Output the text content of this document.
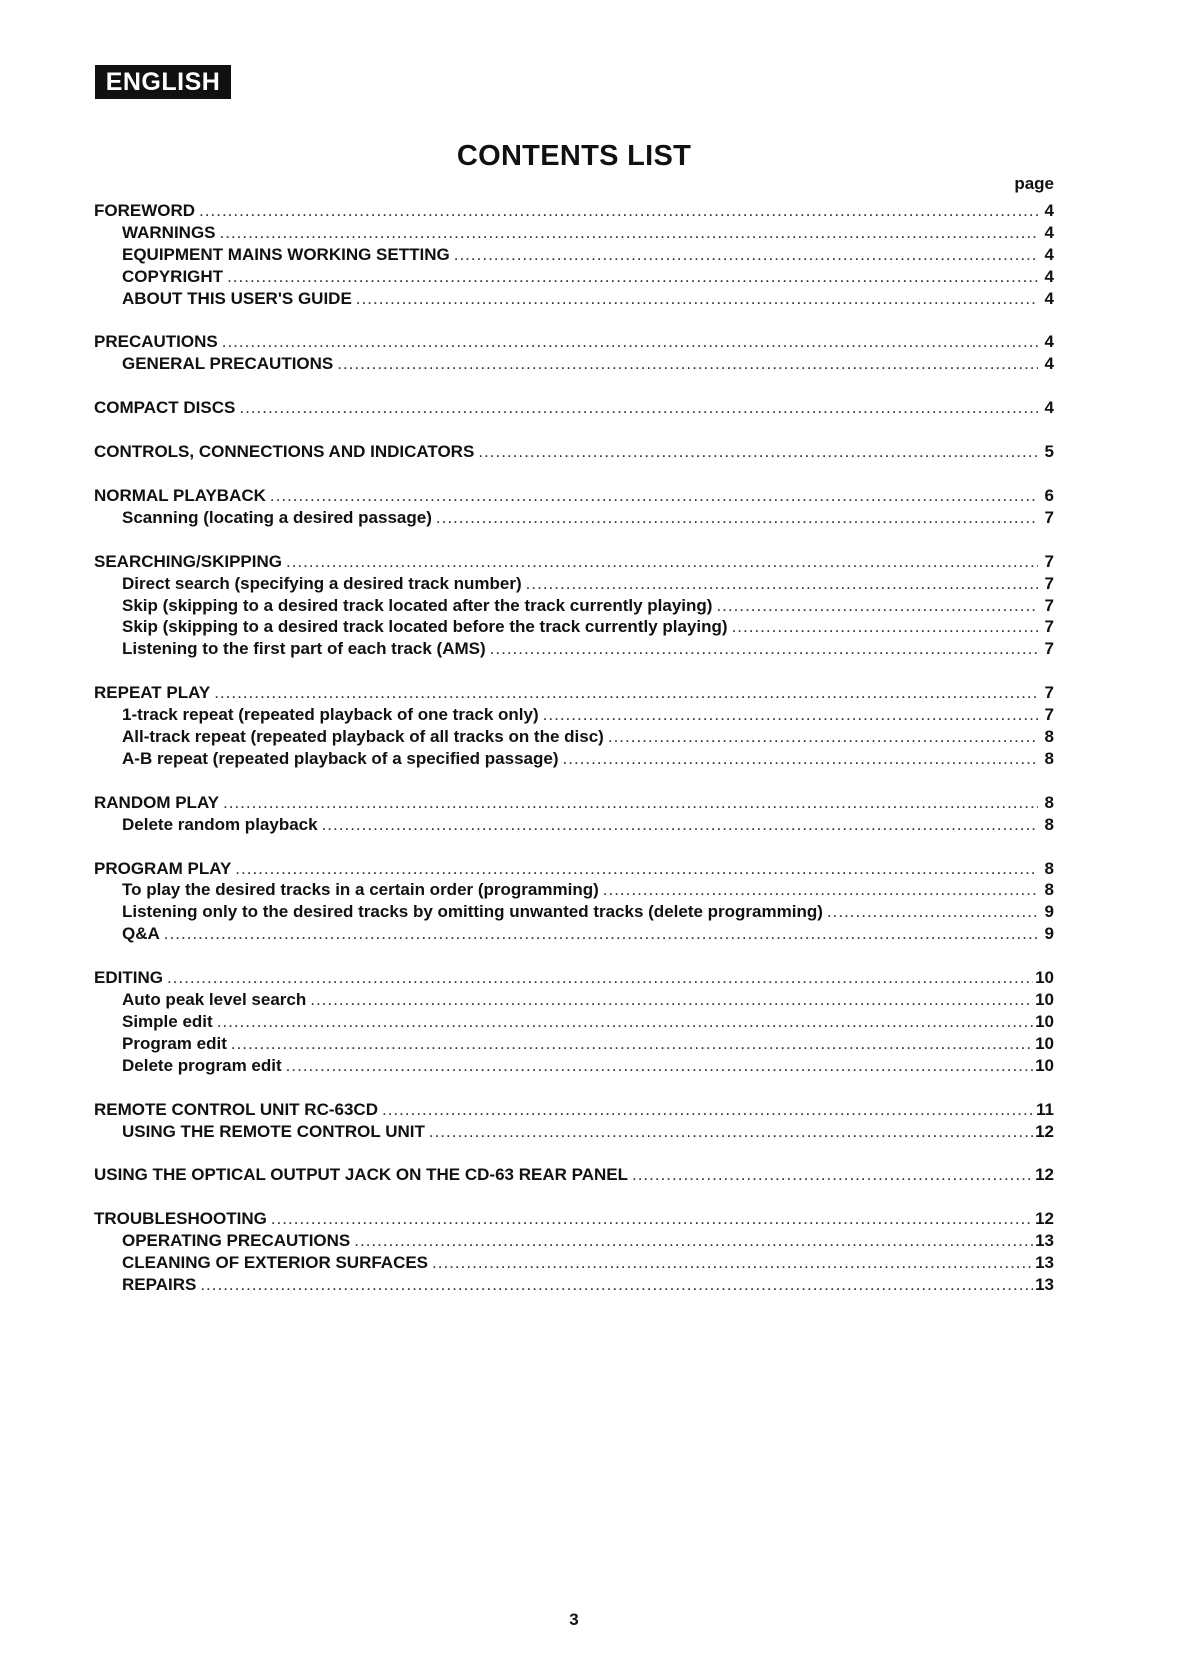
ENGLISH
CONTENTS LIST
page
FOREWORD .....	4
WARNINGS .....	4
EQUIPMENT MAINS WORKING SETTING .....	4
COPYRIGHT .....	4
ABOUT THIS USER'S GUIDE .....	4
PRECAUTIONS .....	4
GENERAL PRECAUTIONS .....	4
COMPACT DISCS .....	4
CONTROLS, CONNECTIONS AND INDICATORS .....	5
NORMAL PLAYBACK .....	6
Scanning (locating a desired passage) .....	7
SEARCHING/SKIPPING .....	7
Direct search (specifying a desired track number) .....	7
Skip (skipping to a desired track located after the track currently playing) .....	7
Skip (skipping to a desired track located before the track currently playing) .....	7
Listening to the first part of each track (AMS) .....	7
REPEAT PLAY .....	7
1-track repeat (repeated playback of one track only) .....	7
All-track repeat (repeated playback of all tracks on the disc) .....	8
A-B repeat (repeated playback of a specified passage) .....	8
RANDOM PLAY .....	8
Delete random playback .....	8
PROGRAM PLAY .....	8
To play the desired tracks in a certain order (programming) .....	8
Listening only to the desired tracks by omitting unwanted tracks (delete programming) .....	9
Q&A .....	9
EDITING .....	10
Auto peak level search .....	10
Simple edit .....	10
Program edit .....	10
Delete program edit .....	10
REMOTE CONTROL UNIT RC-63CD .....	11
USING THE REMOTE CONTROL UNIT .....	12
USING THE OPTICAL OUTPUT JACK ON THE CD-63 REAR PANEL .....	12
TROUBLESHOOTING .....	12
OPERATING PRECAUTIONS .....	13
CLEANING OF EXTERIOR SURFACES .....	13
REPAIRS .....	13
3
